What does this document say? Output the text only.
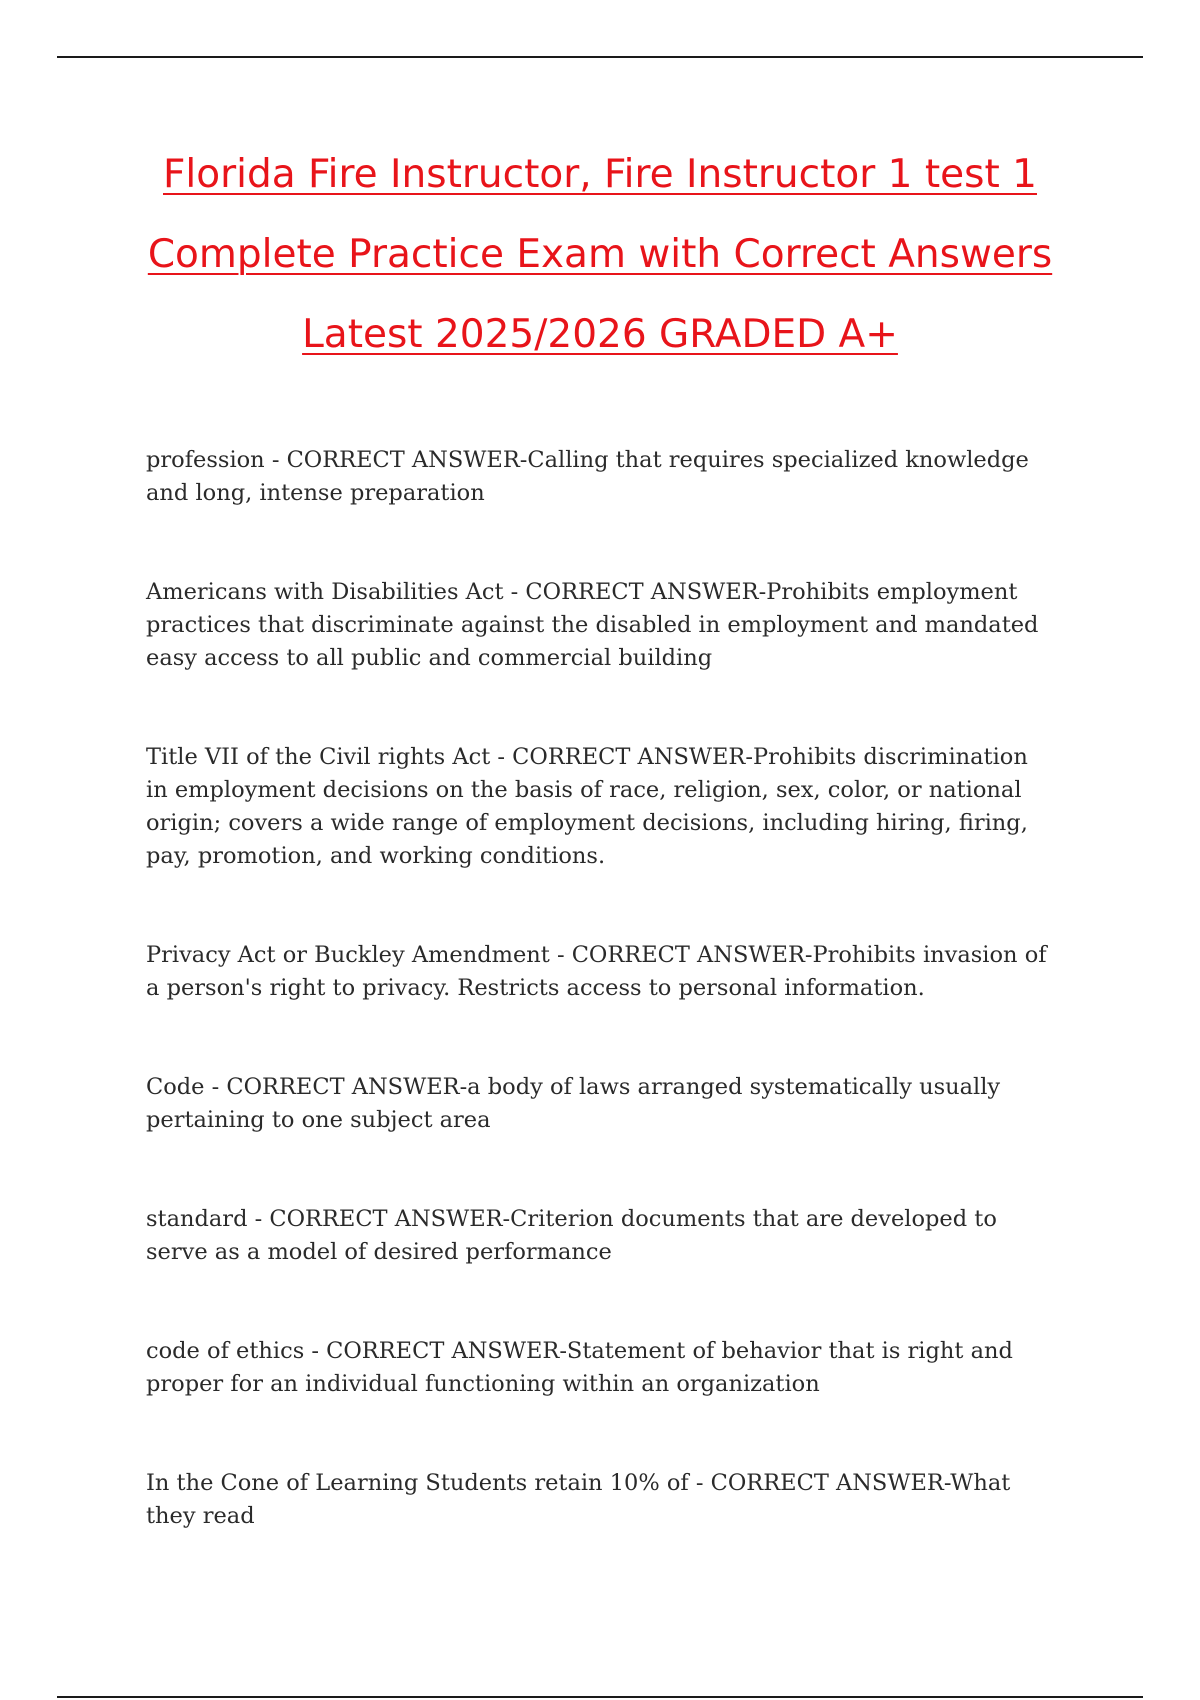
Florida Fire Instructor, Fire Instructor 1 test 1
Complete Practice Exam with Correct Answers
Latest 2025/2026 GRADED A+

profession - CORRECT ANSWER-Calling that requires specialized knowledge and long, intense preparation

Americans with Disabilities Act - CORRECT ANSWER-Prohibits employment practices that discriminate against the disabled in employment and mandated easy access to all public and commercial building

Title VII of the Civil rights Act - CORRECT ANSWER-Prohibits discrimination in employment decisions on the basis of race, religion, sex, color, or national origin; covers a wide range of employment decisions, including hiring, firing, pay, promotion, and working conditions.

Privacy Act or Buckley Amendment - CORRECT ANSWER-Prohibits invasion of a person's right to privacy. Restricts access to personal information.

Code - CORRECT ANSWER-a body of laws arranged systematically usually pertaining to one subject area

standard - CORRECT ANSWER-Criterion documents that are developed to serve as a model of desired performance

code of ethics - CORRECT ANSWER-Statement of behavior that is right and proper for an individual functioning within an organization

In the Cone of Learning Students retain 10% of - CORRECT ANSWER-What they read
